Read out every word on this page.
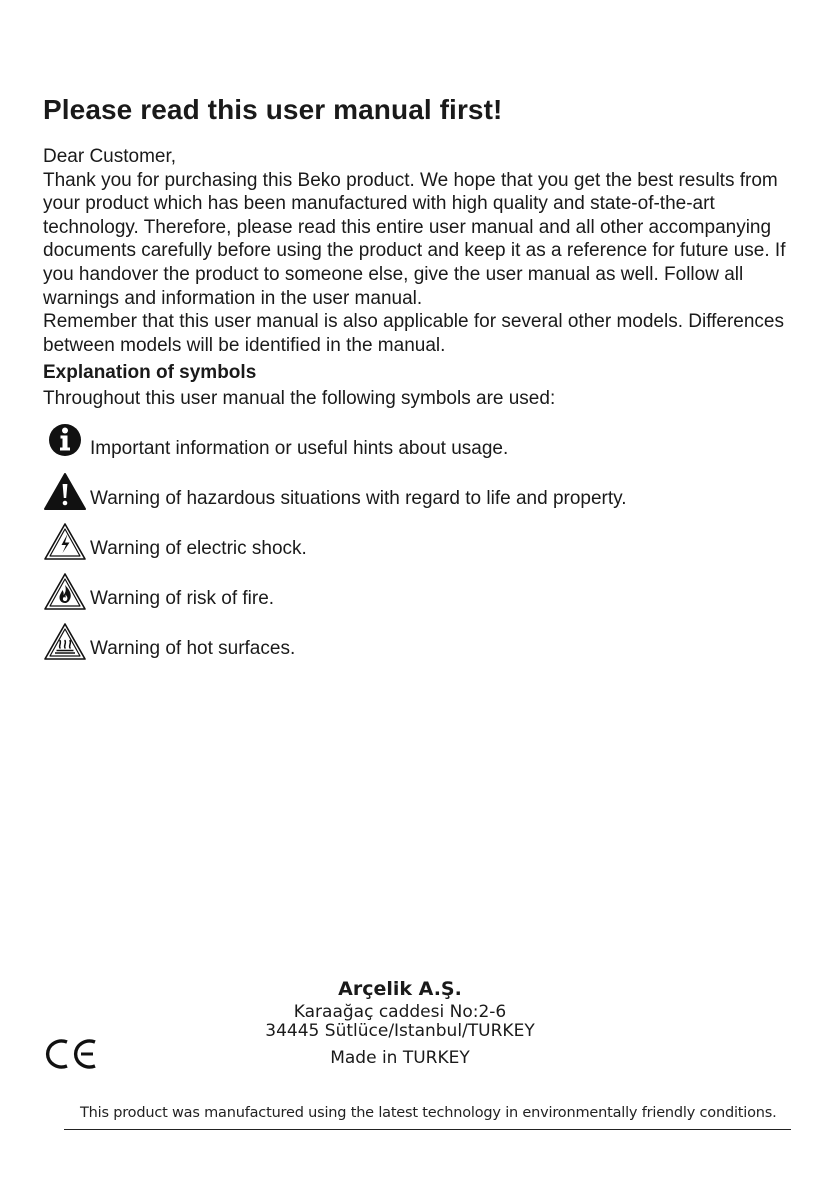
Please read this user manual first!

Dear Customer,

Thank you for purchasing this Beko product. We hope that you get the best results from your product which has been manufactured with high quality and state-of-the-art technology. Therefore, please read this entire user manual and all other accompanying documents carefully before using the product and keep it as a reference for future use. If you handover the product to someone else, give the user manual as well. Follow all warnings and information in the user manual.

Remember that this user manual is also applicable for several other models. Differences between models will be identified in the manual.

Explanation of symbols

Throughout this user manual the following symbols are used:

Important information or useful hints about usage.
Warning of hazardous situations with regard to life and property.
Warning of electric shock.
Warning of risk of fire.
Warning of hot surfaces.
Arçelik A.Ş.
Karaağaç caddesi No:2-6
34445 Sütlüce/Istanbul/TURKEY
Made in TURKEY
This product was manufactured using the latest technology in environmentally friendly conditions.
